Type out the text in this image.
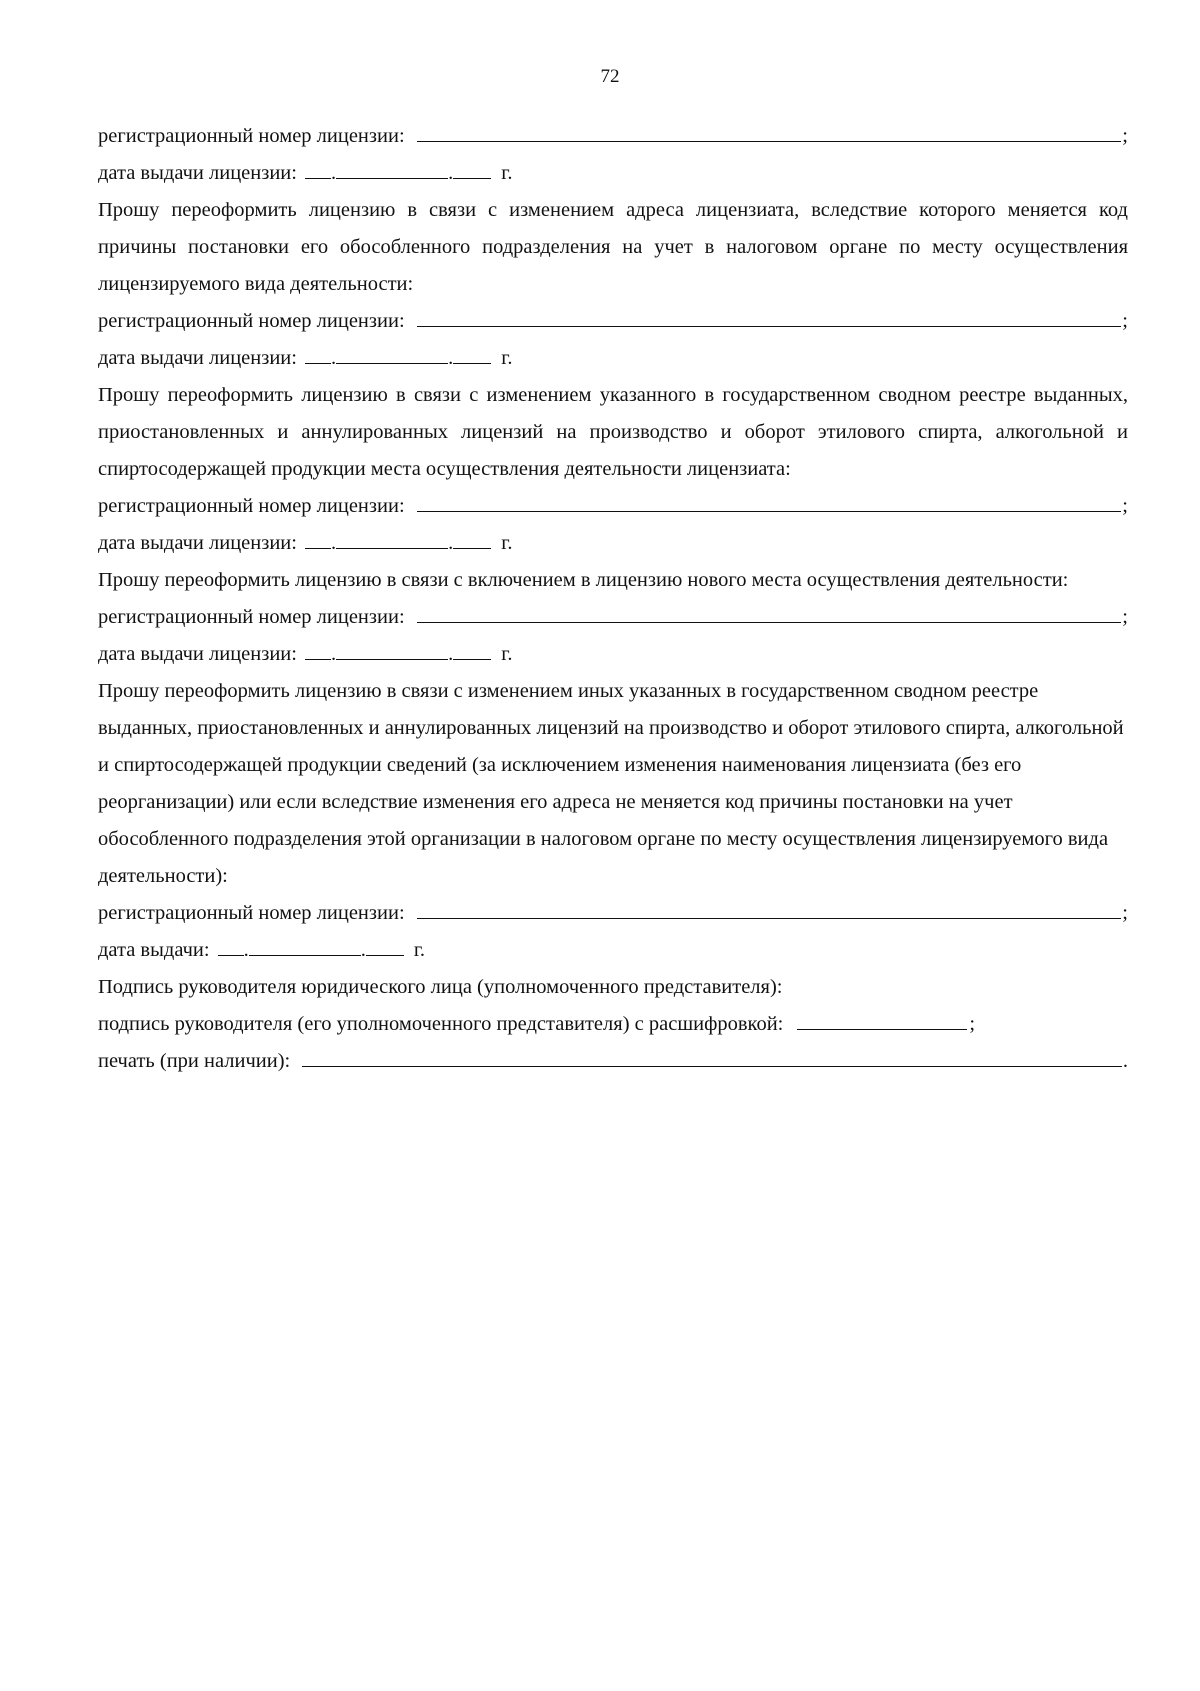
72
регистрационный номер лицензии:	;
дата выдачи лицензии: .	. г.
Прошу переоформить лицензию в связи с изменением адреса лицензиата, вследствие которого меняется код причины постановки его обособленного подразделения на учет в налоговом органе по месту осуществления лицензируемого вида деятельности:
регистрационный номер лицензии:	;
дата выдачи лицензии: .	. г.
Прошу переоформить лицензию в связи с изменением указанного в государственном сводном реестре выданных, приостановленных и аннулированных лицензий на производство и оборот этилового спирта, алкогольной и спиртосодержащей продукции места осуществления деятельности лицензиата:
регистрационный номер лицензии:	;
дата выдачи лицензии: .	. г.
Прошу переоформить лицензию в связи с включением в лицензию нового места осуществления деятельности:
регистрационный номер лицензии:	;
дата выдачи лицензии: .	. г.
Прошу переоформить лицензию в связи с изменением иных указанных в государственном сводном реестре выданных, приостановленных и аннулированных лицензий на производство и оборот этилового спирта, алкогольной и спиртосодержащей продукции сведений (за исключением изменения наименования лицензиата (без его реорганизации) или если вследствие изменения его адреса не меняется код причины постановки на учет обособленного подразделения этой организации в налоговом органе по месту осуществления лицензируемого вида деятельности):
регистрационный номер лицензии:	;
дата выдачи: .	. г.
Подпись руководителя юридического лица (уполномоченного представителя):
подпись руководителя (его уполномоченного представителя) с расшифровкой:	;
печать (при наличии):	.
